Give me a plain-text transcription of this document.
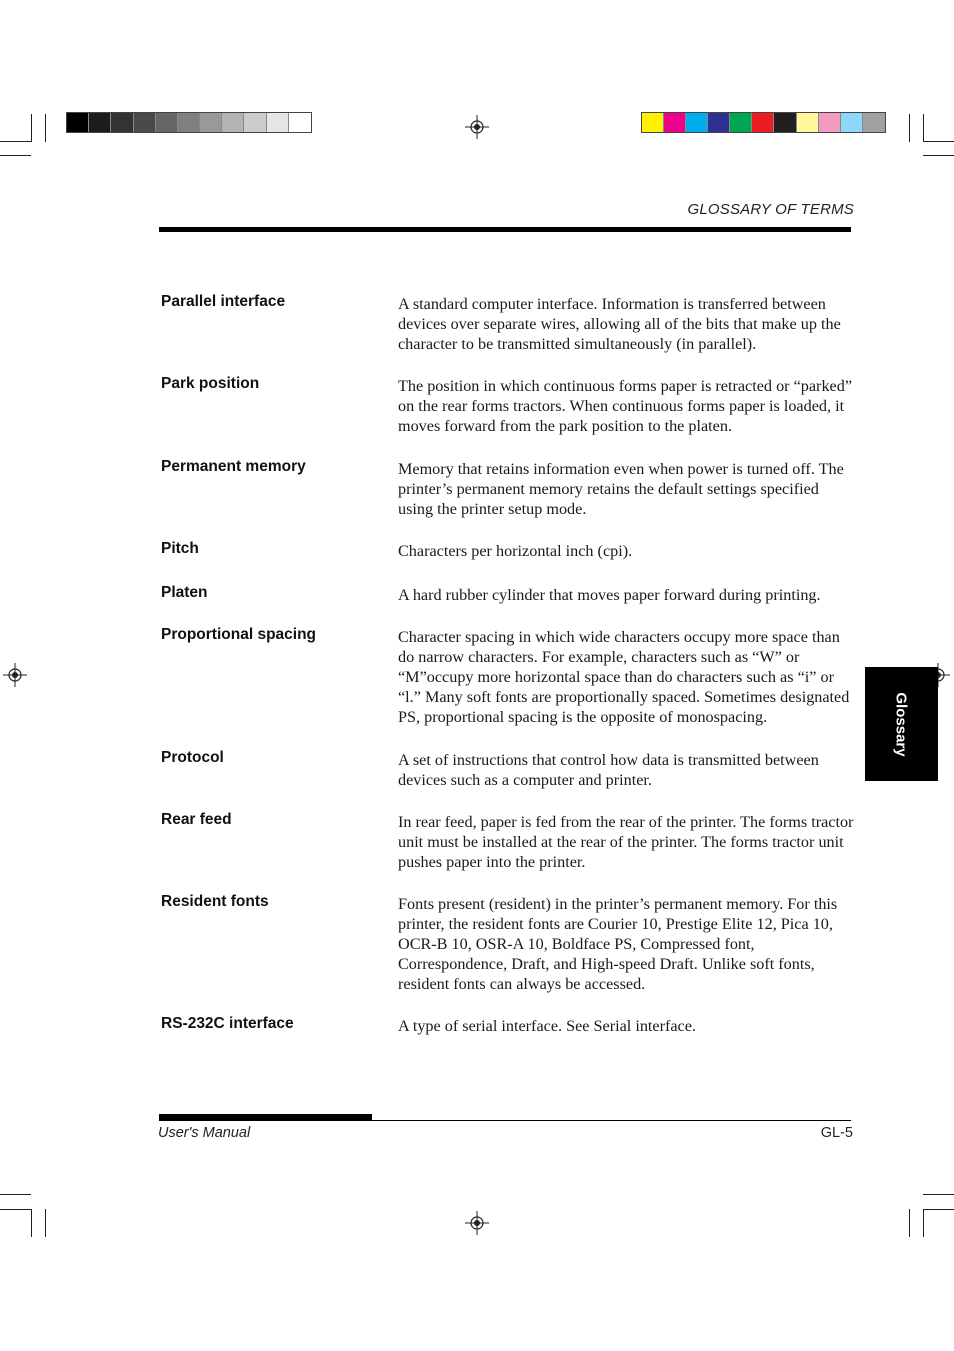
GLOSSARY OF TERMS
Parallel interface	A standard computer interface. Information is transferred between devices over separate wires, allowing all of the bits that make up the character to be transmitted simultaneously (in parallel).
Park position	The position in which continuous forms paper is retracted or “parked” on the rear forms tractors. When continuous forms paper is loaded, it moves forward from the park position to the platen.
Permanent memory	Memory that retains information even when power is turned off. The printer’s permanent memory retains the default settings specified using the printer setup mode.
Pitch	Characters per horizontal inch (cpi).
Platen	A hard rubber cylinder that moves paper forward during printing.
Proportional spacing	Character spacing in which wide characters occupy more space than do narrow characters. For example, characters such as “W” or “M”occupy more horizontal space than do characters such as “i” or “l.” Many soft fonts are proportionally spaced. Sometimes designated PS, proportional spacing is the opposite of monospacing.
Protocol	A set of instructions that control how data is transmitted between devices such as a computer and printer.
Rear feed	In rear feed, paper is fed from the rear of the printer. The forms tractor unit must be installed at the rear of the printer. The forms tractor unit pushes paper into the printer.
Resident fonts	Fonts present (resident) in the printer’s permanent memory. For this printer, the resident fonts are Courier 10, Prestige Elite 12, Pica 10, OCR-B 10, OSR-A 10, Boldface PS, Compressed font, Correspondence, Draft, and High-speed Draft. Unlike soft fonts, resident fonts can always be accessed.
RS-232C interface	A type of serial interface. See Serial interface.
Glossary
User's Manual	GL-5
